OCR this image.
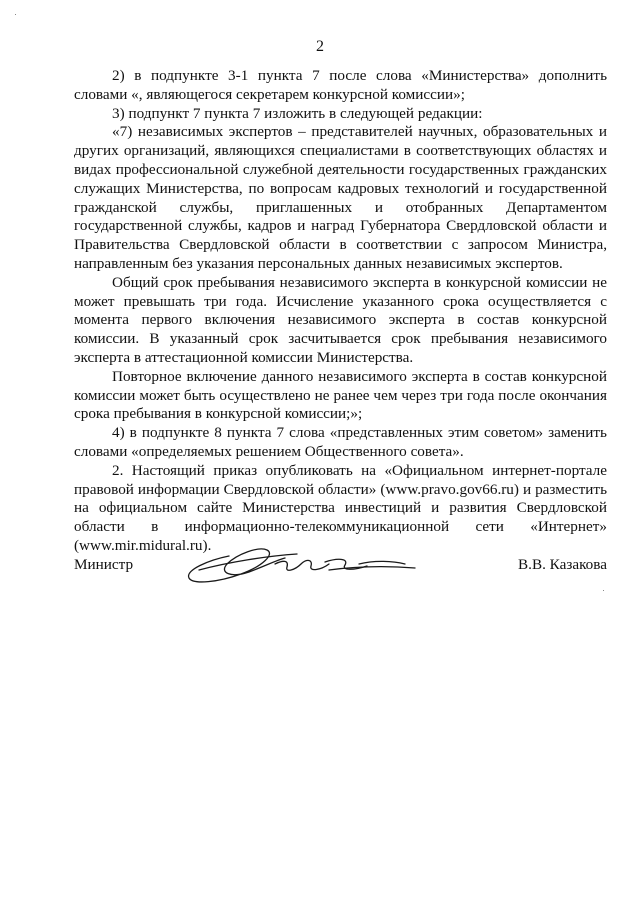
2

2) в подпункте 3-1 пункта 7 после слова «Министерства» дополнить словами «, являющегося секретарем конкурсной комиссии»;

3) подпункт 7 пункта 7 изложить в следующей редакции:

«7) независимых экспертов – представителей научных, образовательных и других организаций, являющихся специалистами в соответствующих областях и видах профессиональной служебной деятельности государственных гражданских служащих Министерства, по вопросам кадровых технологий и государственной гражданской службы, приглашенных и отобранных Департаментом государственной службы, кадров и наград Губернатора Свердловской области и Правительства Свердловской области в соответствии с запросом Министра, направленным без указания персональных данных независимых экспертов.

Общий срок пребывания независимого эксперта в конкурсной комиссии не может превышать три года. Исчисление указанного срока осуществляется с момента первого включения независимого эксперта в состав конкурсной комиссии. В указанный срок засчитывается срок пребывания независимого эксперта в аттестационной комиссии Министерства.

Повторное включение данного независимого эксперта в состав конкурсной комиссии может быть осуществлено не ранее чем через три года после окончания срока пребывания в конкурсной комиссии;»;

4) в подпункте 8 пункта 7 слова «представленных этим советом» заменить словами «определяемых решением Общественного совета».

2. Настоящий приказ опубликовать на «Официальном интернет-портале правовой информации Свердловской области» (www.pravo.gov66.ru) и разместить на официальном сайте Министерства инвестиций и развития Свердловской области в информационно-телекоммуникационной сети «Интернет» (www.mir.midural.ru).

Министр	В.В. Казакова
